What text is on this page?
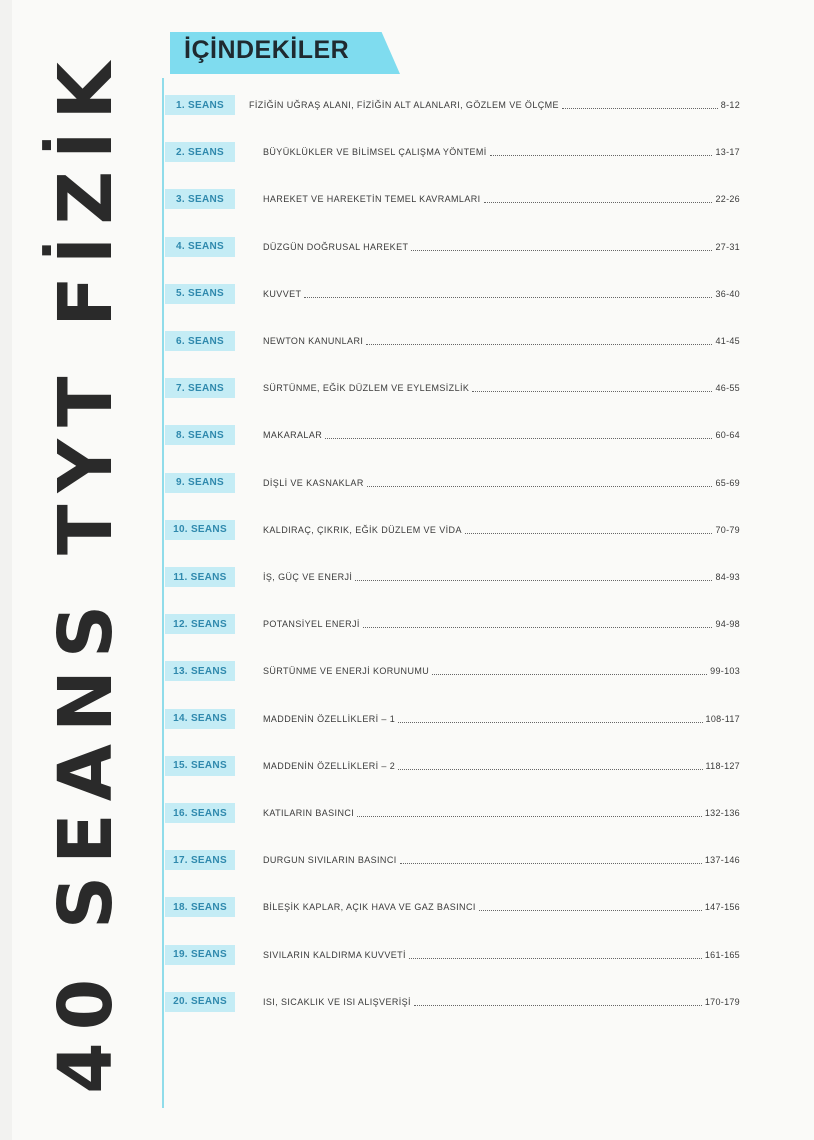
40 SEANS TYT FİZİK
İÇİNDEKİLER
1. SEANS	FİZİĞİN UĞRAŞ ALANI, FİZİĞİN ALT ALANLARI, GÖZLEM VE ÖLÇME	8-12
2. SEANS	BÜYÜKLÜKLER VE BİLİMSEL ÇALIŞMA YÖNTEMİ	13-17
3. SEANS	HAREKET VE HAREKETİN TEMEL KAVRAMLARI	22-26
4. SEANS	DÜZGÜN DOĞRUSAL HAREKET	27-31
5. SEANS	KUVVET	36-40
6. SEANS	NEWTON KANUNLARI	41-45
7. SEANS	SÜRTÜNME, EĞİK DÜZLEM VE EYLEMSİZLİK	46-55
8. SEANS	MAKARALAR	60-64
9. SEANS	DİŞLİ VE KASNAKLAR	65-69
10. SEANS	KALDIRAÇ, ÇIKRIK, EĞİK DÜZLEM VE VİDA	70-79
11. SEANS	İŞ, GÜÇ VE ENERJİ	84-93
12. SEANS	POTANSİYEL ENERJİ	94-98
13. SEANS	SÜRTÜNME VE ENERJİ KORUNUMU	99-103
14. SEANS	MADDENİN ÖZELLİKLERİ – 1	108-117
15. SEANS	MADDENİN ÖZELLİKLERİ – 2	118-127
16. SEANS	KATILARIN BASINCI	132-136
17. SEANS	DURGUN SIVILARIN BASINCI	137-146
18. SEANS	BİLEŞİK KAPLAR, AÇIK HAVA VE GAZ BASINCI	147-156
19. SEANS	SIVILARIN KALDIRMA KUVVETİ	161-165
20. SEANS	ISI, SICAKLIK VE ISI ALIŞVERİŞİ	170-179
